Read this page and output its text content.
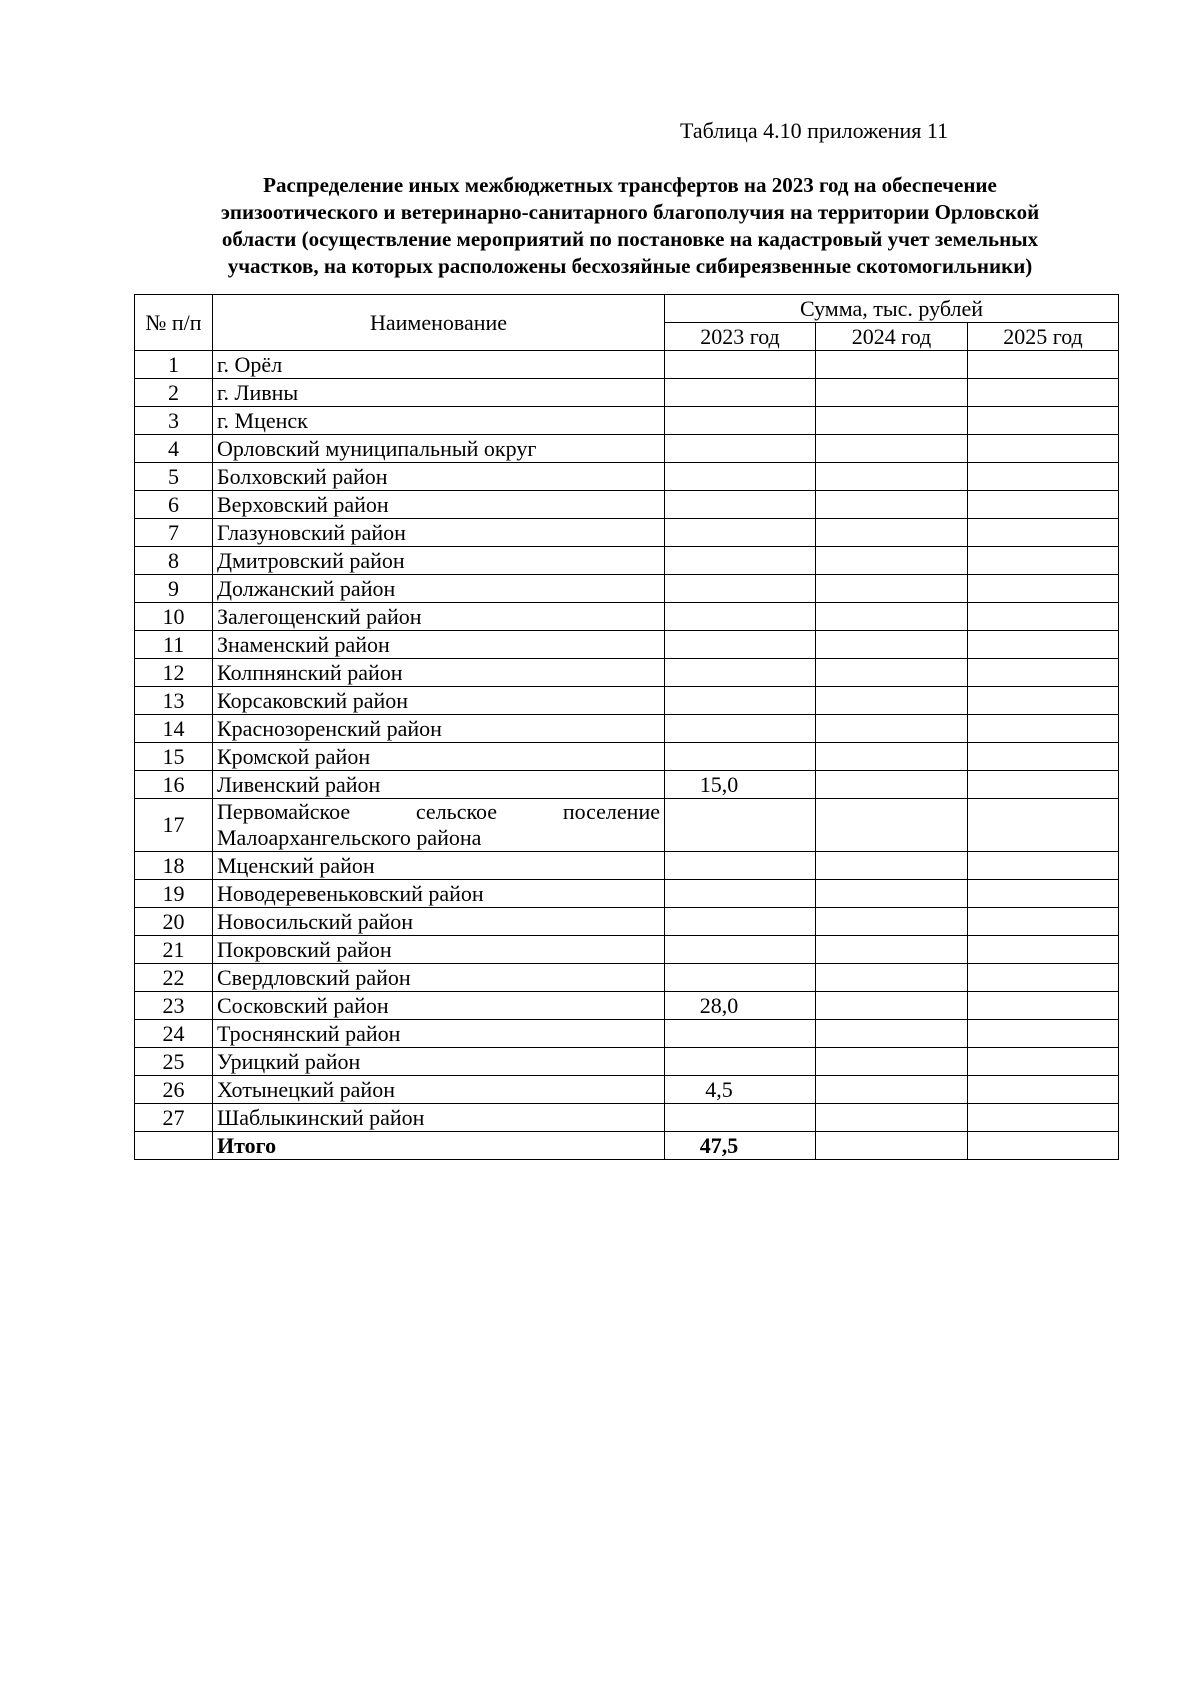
Таблица 4.10 приложения 11
Распределение иных межбюджетных трансфертов на 2023 год на обеспечение
эпизоотического и ветеринарно-санитарного благополучия на территории Орловской
области (осуществление мероприятий по постановке на кадастровый учет земельных
участков, на которых расположены бесхозяйные сибиреязвенные скотомогильники)
№ п/п	Наименование	Сумма, тыс. рублей		
		2023 год	2024 год	2025 год
1	г. Орёл			
2	г. Ливны			
3	г. Мценск			
4	Орловский муниципальный округ			
5	Болховский район			
6	Верховский район			
7	Глазуновский район			
8	Дмитровский район			
9	Должанский район			
10	Залегощенский район			
11	Знаменский район			
12	Колпнянский район			
13	Корсаковский район			
14	Краснозоренский район			
15	Кромской район			
16	Ливенский район	15,0		
17	Первомайское сельское поселение Малоархангельского района			
18	Мценский район			
19	Новодеревеньковский район			
20	Новосильский район			
21	Покровский район			
22	Свердловский район			
23	Сосковский район	28,0		
24	Троснянский район			
25	Урицкий район			
26	Хотынецкий район	4,5		
27	Шаблыкинский район			
	Итого	47,5		
